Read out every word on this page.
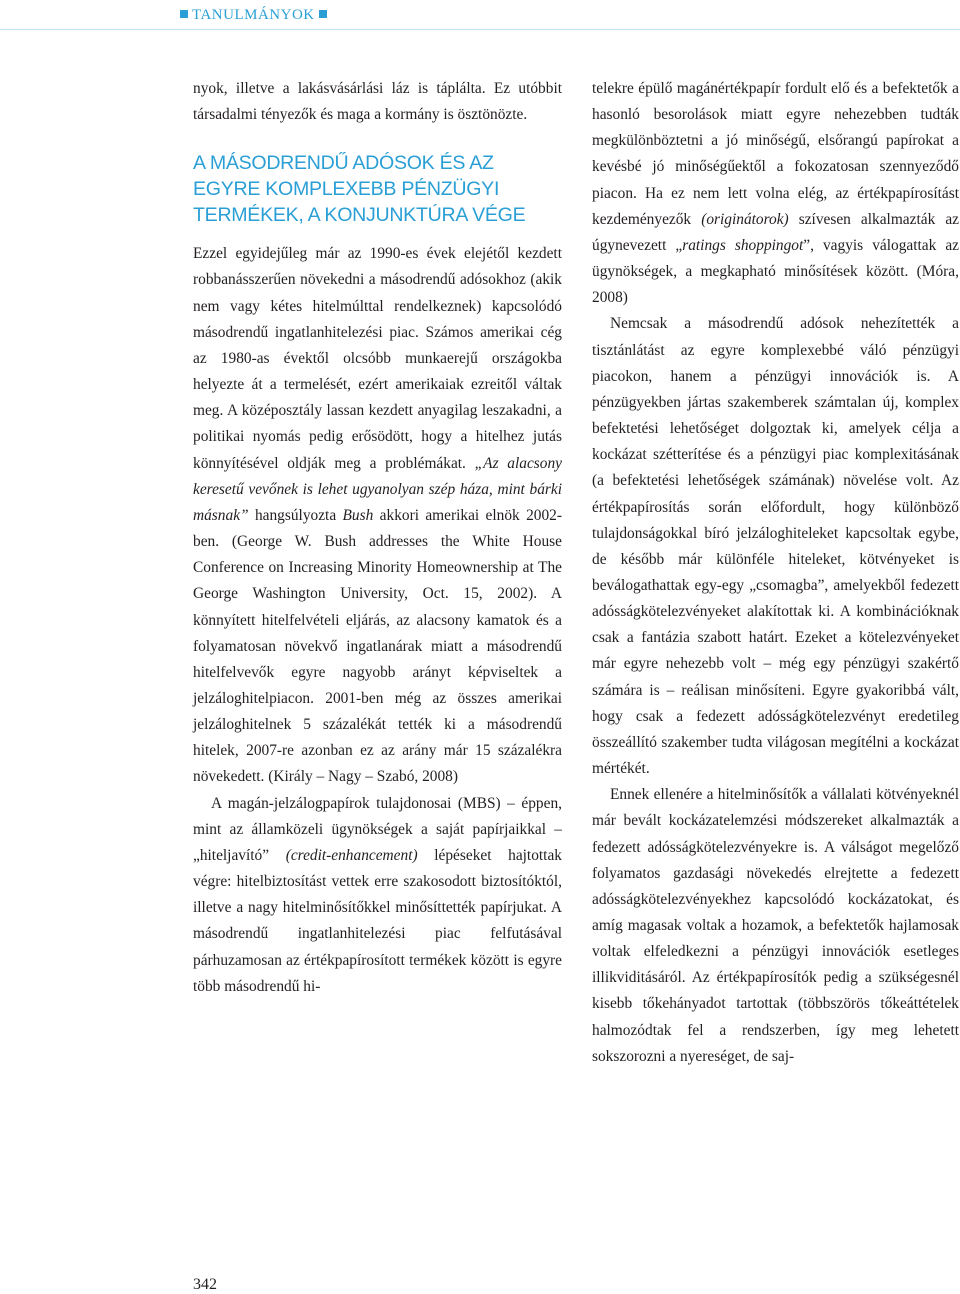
TANULMÁNYOK

nyok, illetve a lakásvásárlási láz is táplálta. Ez utóbbit társadalmi tényezők és maga a kormány is ösztönözte.

A MÁSODRENDŰ ADÓSOK ÉS AZ EGYRE KOMPLEXEBB PÉNZÜGYI TERMÉKEK, A KONJUNKTÚRA VÉGE

Ezzel egyidejűleg már az 1990-es évek elejétől kezdett robbanásszerűen növekedni a másodrendű adósokhoz (akik nem vagy kétes hitelmúlttal rendelkeznek) kapcsolódó másodrendű ingatlanhitelezési piac. Számos amerikai cég az 1980-as évektől olcsóbb munkaerejű országokba helyezte át a termelését, ezért amerikaiak ezreitől váltak meg. A középosztály lassan kezdett anyagilag leszakadni, a politikai nyomás pedig erősödött, hogy a hitelhez jutás könnyítésével oldják meg a problémákat. „Az alacsony keresetű vevőnek is lehet ugyanolyan szép háza, mint bárki másnak” hangsúlyozta Bush akkori amerikai elnök 2002-ben. (George W. Bush addresses the White House Conference on Increasing Minority Homeownership at The George Washington University, Oct. 15, 2002). A könnyített hitelfelvételi eljárás, az alacsony kamatok és a folyamatosan növekvő ingatlanárak miatt a másodrendű hitelfelvevők egyre nagyobb arányt képviseltek a jelzáloghitelpiacon. 2001-ben még az összes amerikai jelzáloghitelnek 5 százalékát tették ki a másodrendű hitelek, 2007-re azonban ez az arány már 15 százalékra növekedett. (Király – Nagy – Szabó, 2008)

A magán-jelzálogpapírok tulajdonosai (MBS) – éppen, mint az államközeli ügynökségek a saját papírjaikkal – „hiteljavító” (credit-enhancement) lépéseket hajtottak végre: hitelbiztosítást vettek erre szakosodott biztosítóktól, illetve a nagy hitelminősítőkkel minősíttették papírjukat. A másodrendű ingatlanhitelezési piac felfutásával párhuzamosan az értékpapírosított termékek között is egyre több másodrendű hi-

telekre épülő magánértékpapír fordult elő és a befektetők a hasonló besorolások miatt egyre nehezebben tudták megkülönböztetni a jó minőségű, elsőrangú papírokat a kevésbé jó minőségűektől a fokozatosan szennyeződő piacon. Ha ez nem lett volna elég, az értékpapírosítást kezdeményezők (originátorok) szívesen alkalmazták az úgynevezett „ratings shoppingot”, vagyis válogattak az ügynökségek, a megkapható minősítések között. (Móra, 2008)

Nemcsak a másodrendű adósok nehezítették a tisztánlátást az egyre komplexebbé váló pénzügyi piacokon, hanem a pénzügyi innovációk is. A pénzügyekben jártas szakemberek számtalan új, komplex befektetési lehetőséget dolgoztak ki, amelyek célja a kockázat szétterítése és a pénzügyi piac komplexitásának (a befektetési lehetőségek számának) növelése volt. Az értékpapírosítás során előfordult, hogy különböző tulajdonságokkal bíró jelzáloghiteleket kapcsoltak egybe, de később már különféle hiteleket, kötvényeket is beválogathattak egy-egy „csomagba”, amelyekből fedezett adósságkötelezvényeket alakítottak ki. A kombinációknak csak a fantázia szabott határt. Ezeket a kötelezvényeket már egyre nehezebb volt – még egy pénzügyi szakértő számára is – reálisan minősíteni. Egyre gyakoribbá vált, hogy csak a fedezett adósságkötelezvényt eredetileg összeállító szakember tudta világosan megítélni a kockázat mértékét.

Ennek ellenére a hitelminősítők a vállalati kötvényeknél már bevált kockázatelemzési módszereket alkalmazták a fedezett adósságkötelezvényekre is. A válságot megelőző folyamatos gazdasági növekedés elrejtette a fedezett adósságkötelezvényekhez kapcsolódó kockázatokat, és amíg magasak voltak a hozamok, a befektetők hajlamosak voltak elfeledkezni a pénzügyi innovációk esetleges illikviditásáról. Az értékpapírosítók pedig a szükségesnél kisebb tőkehányadot tartottak (többszörös tőkeáttételek halmozódtak fel a rendszerben, így meg lehetett sokszorozni a nyereséget, de saj-

342
